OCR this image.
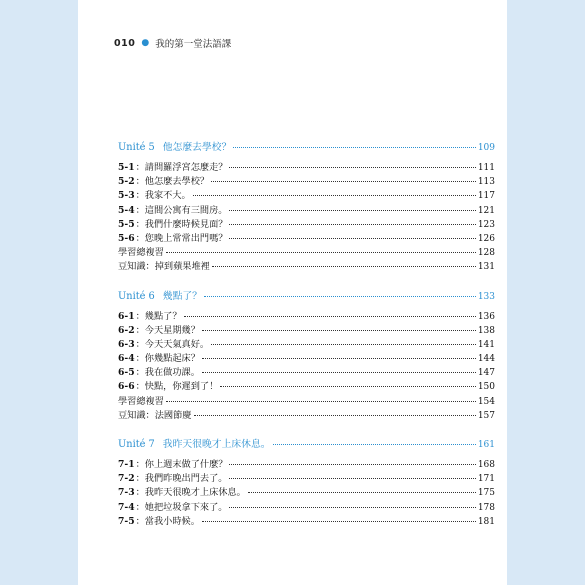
010 ● 我的第一堂法語課
Unité 5 他怎麼去學校？	109
5-1 ：請問羅浮宮怎麼走？	111
5-2 ：他怎麼去學校？	113
5-3 ：我家不大。	117
5-4 ：這間公寓有三間房。	121
5-5 ：我們什麼時候見面？	123
5-6 ：您晚上常常出門嗎？	126
學習總複習	128
豆知識：掉到蘋果堆裡	131
Unité 6 幾點了？	133
6-1 ：幾點了？	136
6-2 ：今天星期幾？	138
6-3 ：今天天氣真好。	141
6-4 ：你幾點起床？	144
6-5 ：我在做功課。	147
6-6 ：快點，你遲到了！	150
學習總複習	154
豆知識：法國節慶	157
Unité 7 我昨天很晚才上床休息。	161
7-1 ：你上週末做了什麼？	168
7-2 ：我們昨晚出門去了。	171
7-3 ：我昨天很晚才上床休息。	175
7-4 ：她把垃圾拿下來了。	178
7-5 ：當我小時候。	181
